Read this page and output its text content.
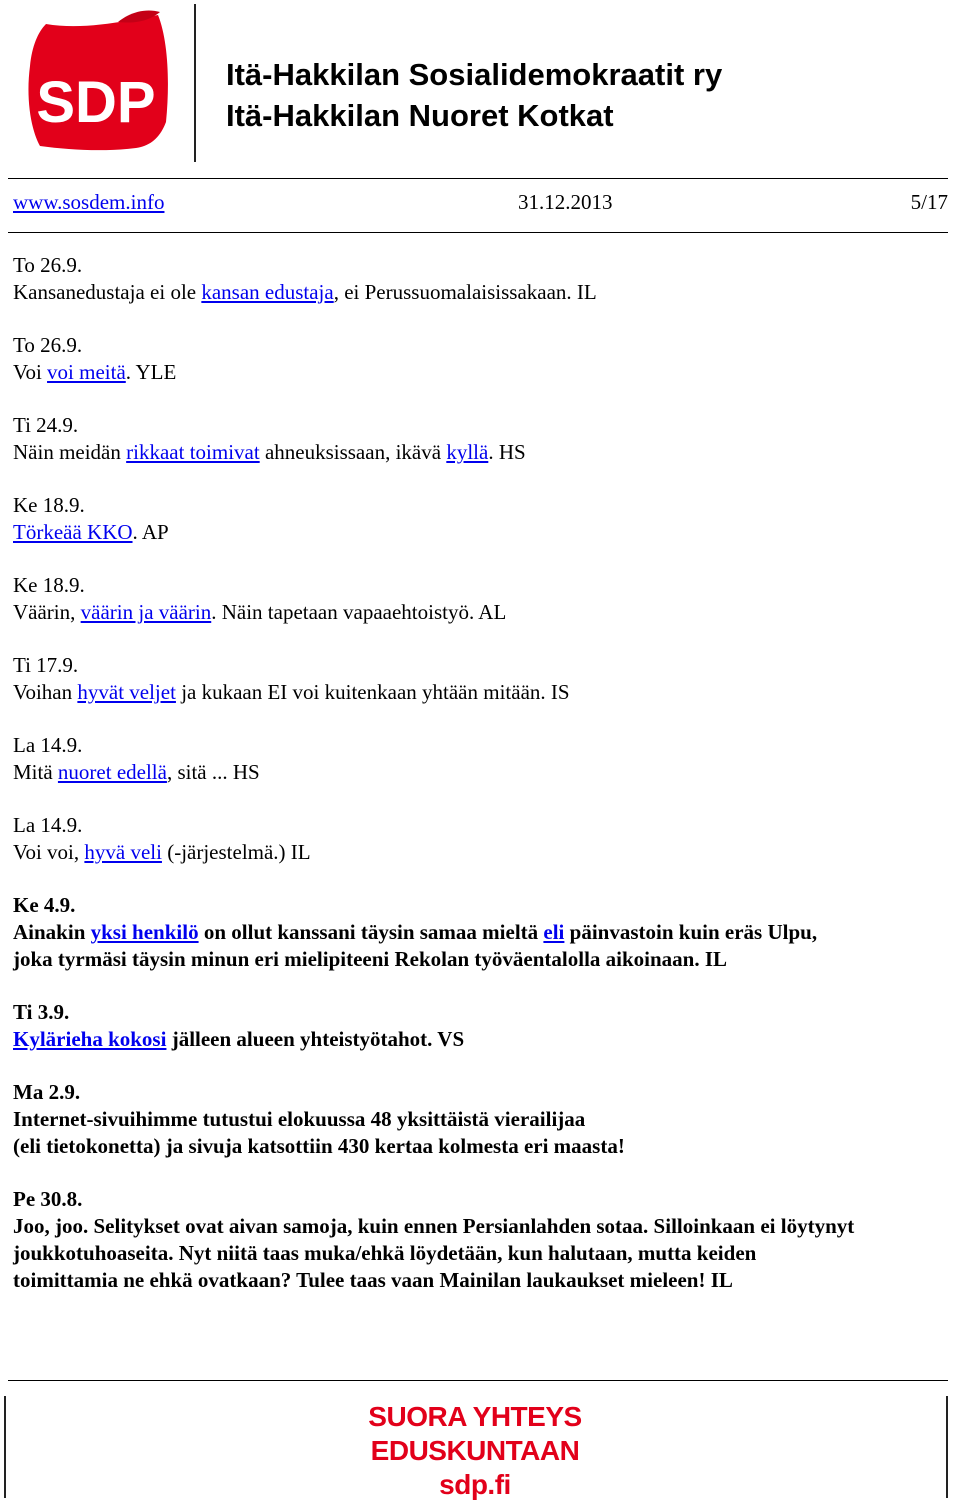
SDP Itä-Hakkilan Sosialidemokraatit ry
Itä-Hakkilan Nuoret Kotkat
www.sosdem.info	31.12.2013	5/17

To 26.9.

Kansanedustaja ei ole kansan edustaja, ei Perussuomalaisissakaan. IL

To 26.9.

Voi voi meitä. YLE

Ti 24.9.

Näin meidän rikkaat toimivat ahneuksissaan, ikävä kyllä. HS

Ke 18.9.

Törkeää KKO. AP

Ke 18.9.

Väärin, väärin ja väärin. Näin tapetaan vapaaehtoistyö. AL

Ti 17.9.

Voihan hyvät veljet ja kukaan EI voi kuitenkaan yhtään mitään. IS

La 14.9.

Mitä nuoret edellä, sitä ... HS

La 14.9.

Voi voi, hyvä veli (-järjestelmä.) IL

Ke 4.9.

Ainakin yksi henkilö on ollut kanssani täysin samaa mieltä eli päinvastoin kuin eräs Ulpu,

joka tyrmäsi täysin minun eri mielipiteeni Rekolan työväentalolla aikoinaan. IL

Ti 3.9.

Kylärieha kokosi jälleen alueen yhteistyötahot. VS

Ma 2.9.

Internet-sivuihimme tutustui elokuussa 48 yksittäistä vierailijaa

(eli tietokonetta) ja sivuja katsottiin 430 kertaa kolmesta eri maasta!

Pe 30.8.

Joo, joo. Selitykset ovat aivan samoja, kuin ennen Persianlahden sotaa. Silloinkaan ei löytynyt

joukkotuhoaseita. Nyt niitä taas muka/ehkä löydetään, kun halutaan, mutta keiden

toimittamia ne ehkä ovatkaan? Tulee taas vaan Mainilan laukaukset mieleen! IL

SUORA YHTEYS
EDUSKUNTAAN
sdp.fi
